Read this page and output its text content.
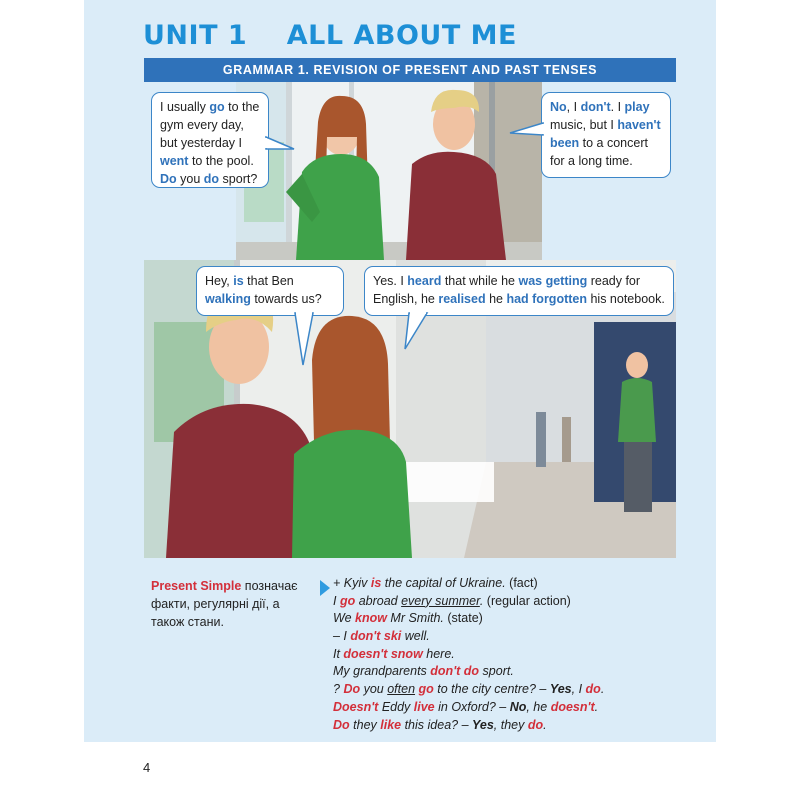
UNIT 1    ALL ABOUT ME
GRAMMAR 1. REVISION OF PRESENT AND PAST TENSES
I usually go to the gym every day, but yesterday I went to the pool. Do you do sport?
No, I don't. I play music, but I haven't been to a concert for a long time.
Hey, is that Ben walking towards us?
Yes. I heard that while he was getting ready for English, he realised he had forgotten his notebook.
Present Simple позначає факти, регулярні дії, а також стани.
+ Kyiv is the capital of Ukraine. (fact)
I go abroad every summer. (regular action)
We know Mr Smith. (state)
– I don't ski well.
It doesn't snow here.
My grandparents don't do sport.
? Do you often go to the city centre? – Yes, I do.
Doesn't Eddy live in Oxford? – No, he doesn't.
Do they like this idea? – Yes, they do.
4
